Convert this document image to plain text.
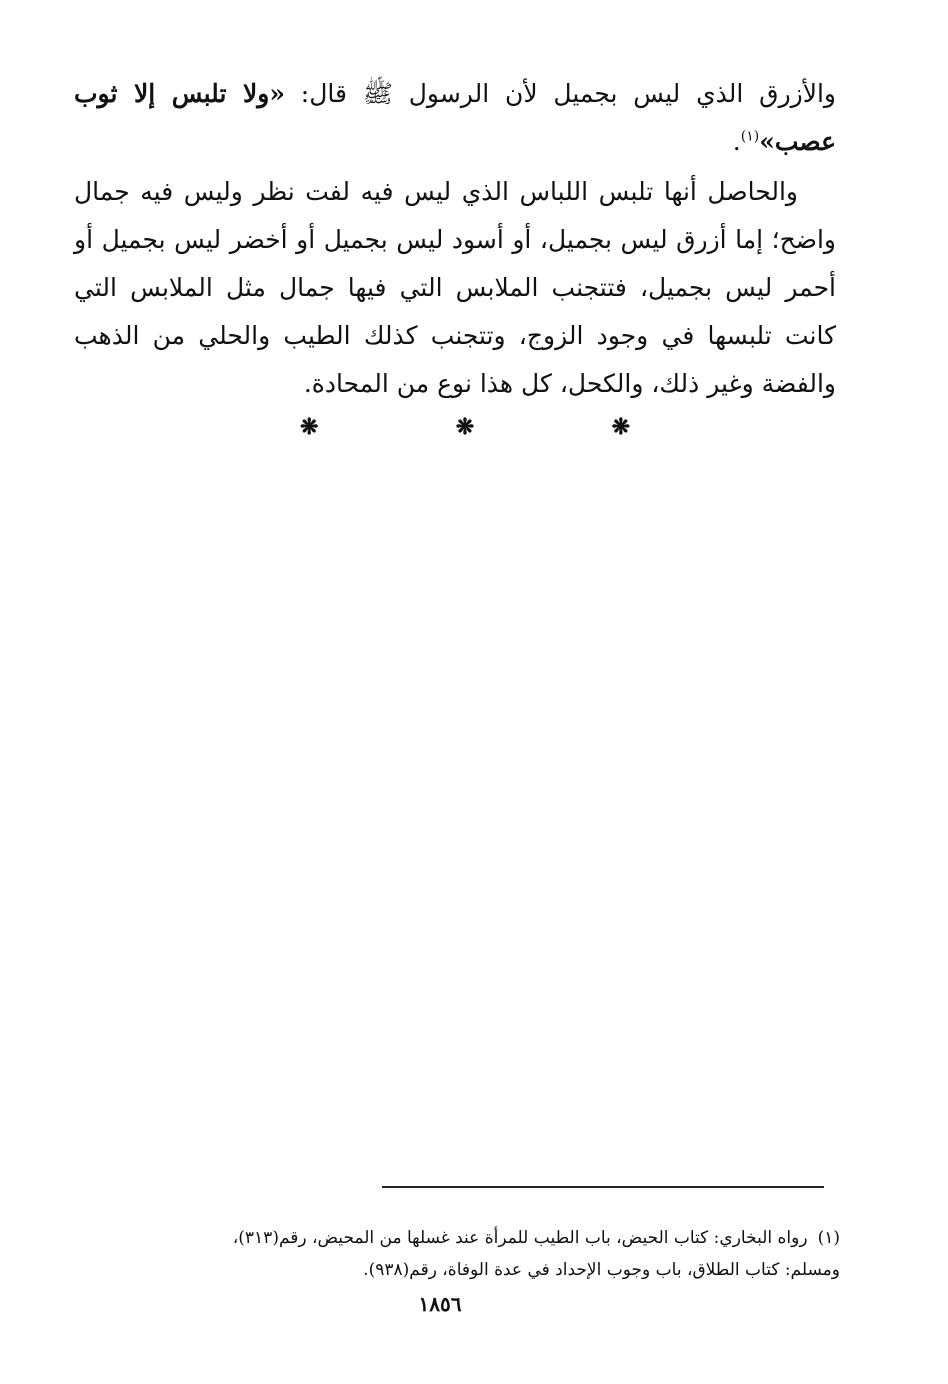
والأزرق الذي ليس بجميل لأن الرسول ﷺ قال: «ولا تلبس إلا ثوب عصب»$^{(١)}$.

والحاصل أنها تلبس اللباس الذي ليس فيه لفت نظر وليس فيه جمال واضح؛ إما أزرق ليس بجميل، أو أسود ليس بجميل أو أخضر ليس بجميل أو أحمر ليس بجميل، فتتجنب الملابس التي فيها جمال مثل الملابس التي كانت تلبسها في وجود الزوج، وتتجنب كذلك الطيب والحلي من الذهب والفضة وغير ذلك، والكحل، كل هذا نوع من المحادة.

❋
❋
❋

(١)رواه البخاري: كتاب الحيض، باب الطيب للمرأة عند غسلها من المحيض، رقم(٣١٣)،

ومسلم: كتاب الطلاق، باب وجوب الإحداد في عدة الوفاة، رقم(٩٣٨).

١٨٥٦
